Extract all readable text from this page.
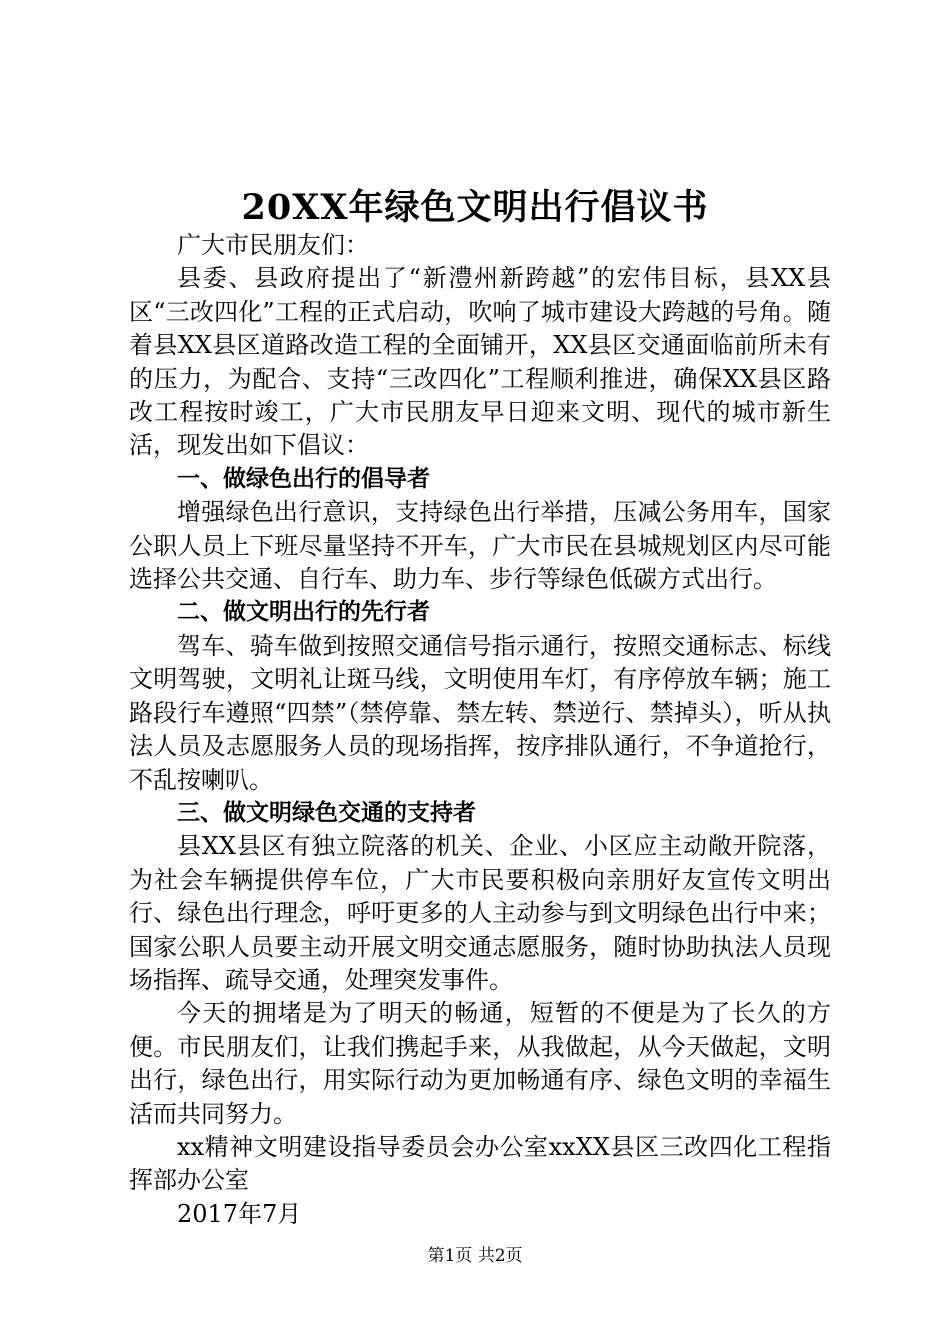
20XX年绿色文明出行倡议书

广大市民朋友们：

县委、县政府提出了“新澧州新跨越”的宏伟目标，县XX县区“三改四化”工程的正式启动，吹响了城市建设大跨越的号角。随着县XX县区道路改造工程的全面铺开，XX县区交通面临前所未有的压力，为配合、支持“三改四化”工程顺利推进，确保XX县区路改工程按时竣工，广大市民朋友早日迎来文明、现代的城市新生活，现发出如下倡议：

一、做绿色出行的倡导者

增强绿色出行意识，支持绿色出行举措，压减公务用车，国家公职人员上下班尽量坚持不开车，广大市民在县城规划区内尽可能选择公共交通、自行车、助力车、步行等绿色低碳方式出行。

二、做文明出行的先行者

驾车、骑车做到按照交通信号指示通行，按照交通标志、标线文明驾驶，文明礼让斑马线，文明使用车灯，有序停放车辆；施工路段行车遵照“四禁”（禁停靠、禁左转、禁逆行、禁掉头），听从执法人员及志愿服务人员的现场指挥，按序排队通行，不争道抢行，不乱按喇叭。

三、做文明绿色交通的支持者

县XX县区有独立院落的机关、企业、小区应主动敞开院落，为社会车辆提供停车位，广大市民要积极向亲朋好友宣传文明出行、绿色出行理念，呼吁更多的人主动参与到文明绿色出行中来；国家公职人员要主动开展文明交通志愿服务，随时协助执法人员现场指挥、疏导交通，处理突发事件。

今天的拥堵是为了明天的畅通，短暂的不便是为了长久的方便。市民朋友们，让我们携起手来，从我做起，从今天做起，文明出行，绿色出行，用实际行动为更加畅通有序、绿色文明的幸福生活而共同努力。

xx精神文明建设指导委员会办公室xxXX县区三改四化工程指挥部办公室

2017年7月

第1页 共2页
